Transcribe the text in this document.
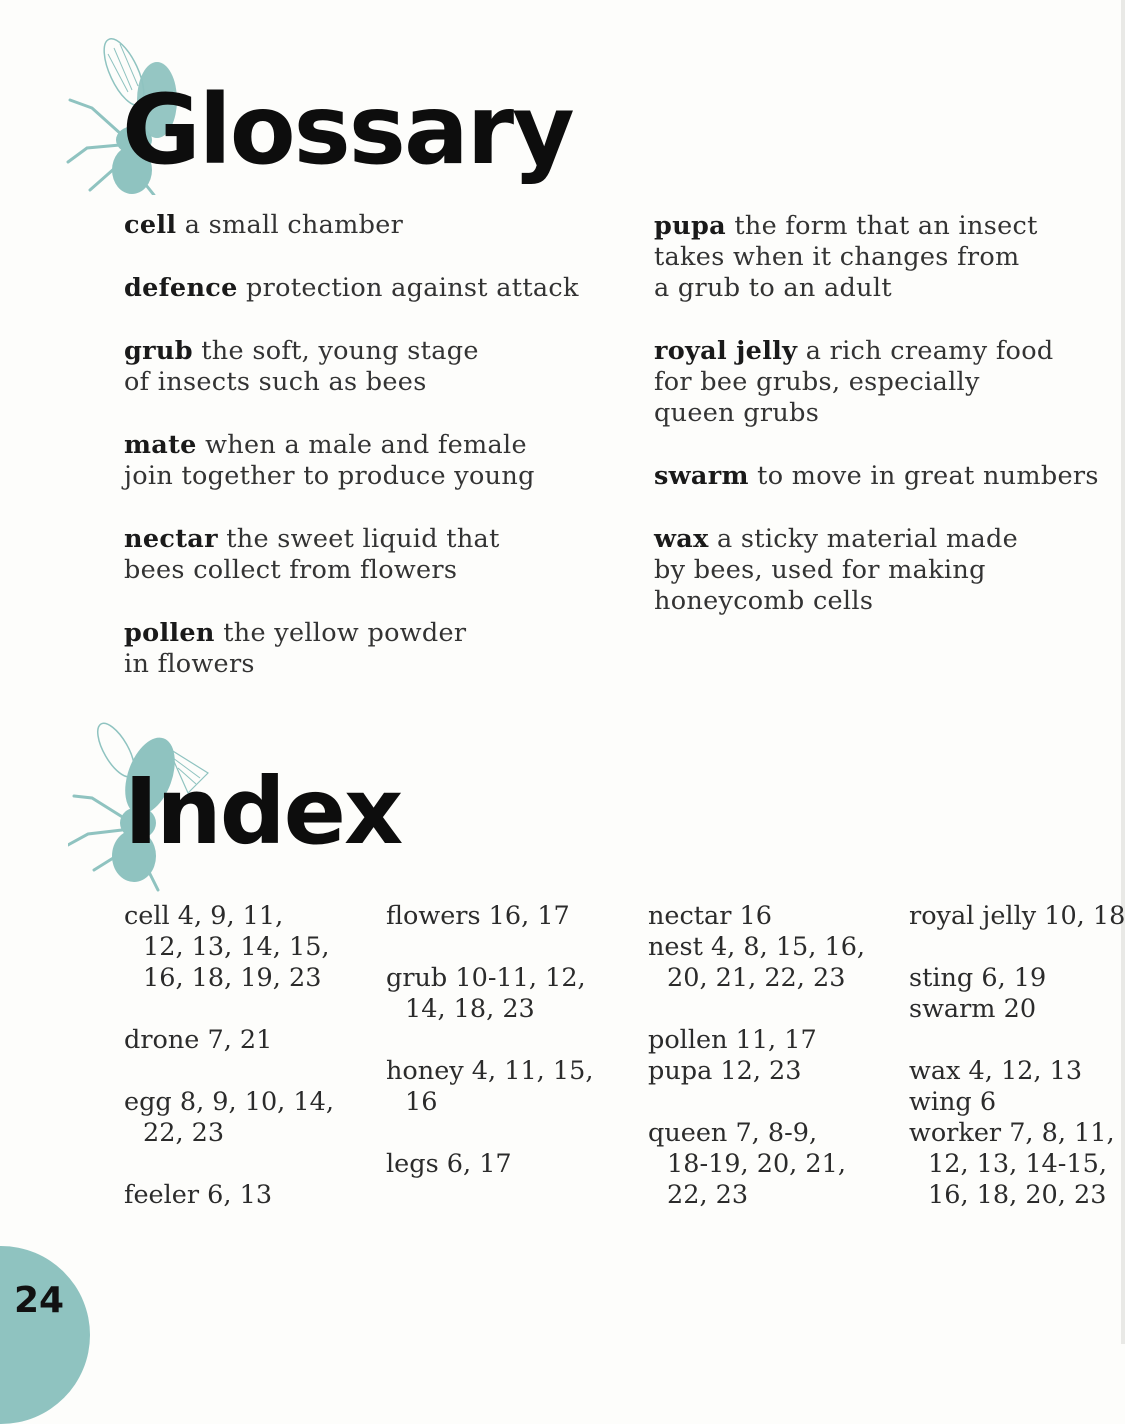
Glossary

cell a small chamber

defence protection against attack

grub the soft, young stage
of insects such as bees

mate when a male and female
join together to produce young

nectar the sweet liquid that
bees collect from flowers

pollen the yellow powder
in flowers

pupa the form that an insect
takes when it changes from
a grub to an adult

royal jelly a rich creamy food
for bee grubs, especially
queen grubs

swarm to move in great numbers

wax a sticky material made
by bees, used for making
honeycomb cells

Index
cell 4, 9, 11,
12, 13, 14, 15,
16, 18, 19, 23
drone 7, 21
egg 8, 9, 10, 14,
22, 23
feeler 6, 13
flowers 16, 17
grub 10-11, 12,
14, 18, 23
honey 4, 11, 15,
16
legs 6, 17
nectar 16
nest 4, 8, 15, 16,
20, 21, 22, 23
pollen 11, 17
pupa 12, 23
queen 7, 8-9,
18-19, 20, 21,
22, 23
royal jelly 10, 18
sting 6, 19
swarm 20
wax 4, 12, 13
wing 6
worker 7, 8, 11,
12, 13, 14-15,
16, 18, 20, 23

24
